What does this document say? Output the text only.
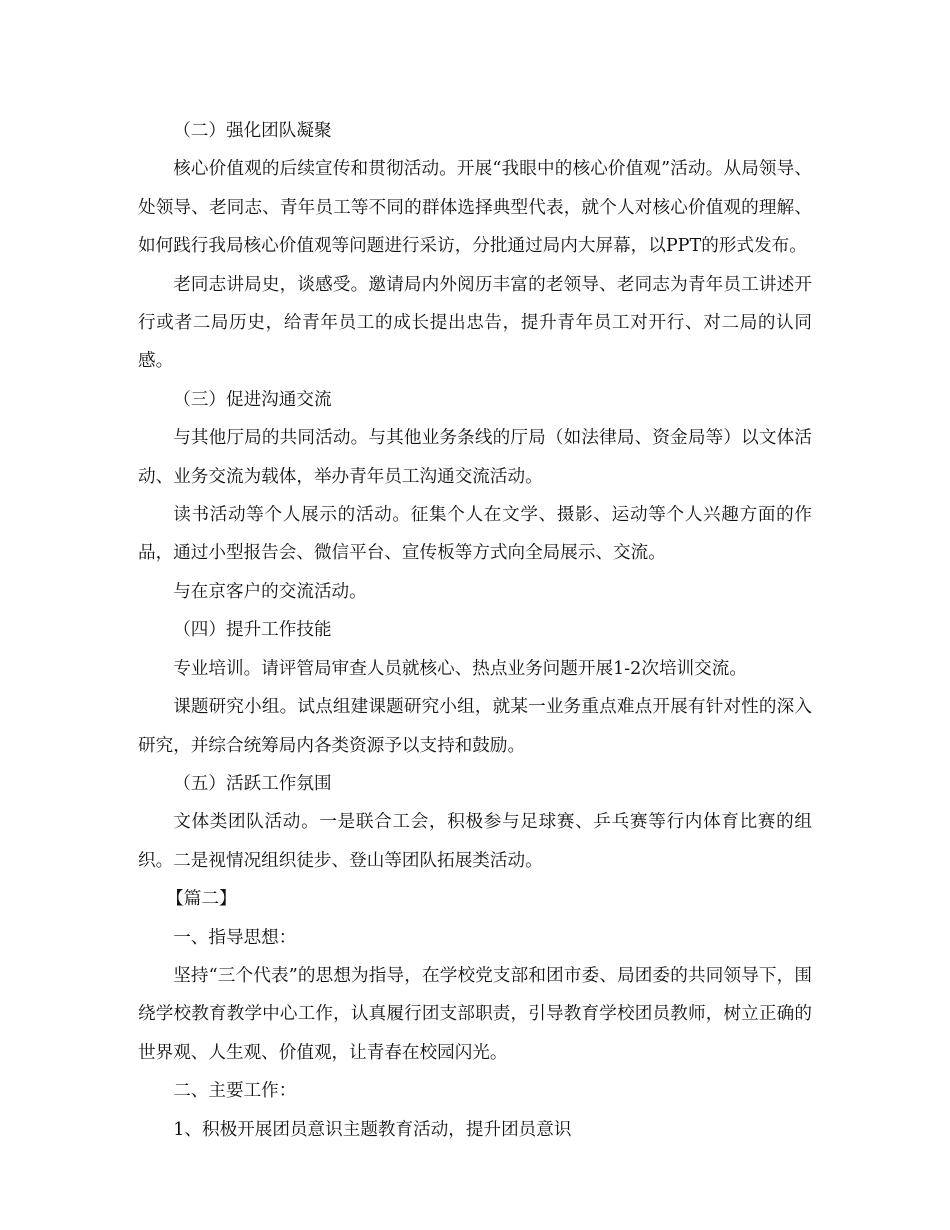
（二）强化团队凝聚

核心价值观的后续宣传和贯彻活动。开展“我眼中的核心价值观”活动。从局领导、处领导、老同志、青年员工等不同的群体选择典型代表，就个人对核心价值观的理解、如何践行我局核心价值观等问题进行采访，分批通过局内大屏幕，以PPT的形式发布。

老同志讲局史，谈感受。邀请局内外阅历丰富的老领导、老同志为青年员工讲述开行或者二局历史，给青年员工的成长提出忠告，提升青年员工对开行、对二局的认同感。

（三）促进沟通交流

与其他厅局的共同活动。与其他业务条线的厅局（如法律局、资金局等）以文体活动、业务交流为载体，举办青年员工沟通交流活动。

读书活动等个人展示的活动。征集个人在文学、摄影、运动等个人兴趣方面的作品，通过小型报告会、微信平台、宣传板等方式向全局展示、交流。

与在京客户的交流活动。

（四）提升工作技能

专业培训。请评管局审查人员就核心、热点业务问题开展1-2次培训交流。

课题研究小组。试点组建课题研究小组，就某一业务重点难点开展有针对性的深入研究，并综合统筹局内各类资源予以支持和鼓励。

（五）活跃工作氛围

文体类团队活动。一是联合工会，积极参与足球赛、乒乓赛等行内体育比赛的组织。二是视情况组织徒步、登山等团队拓展类活动。

【篇二】

一、指导思想：

坚持“三个代表”的思想为指导，在学校党支部和团市委、局团委的共同领导下，围绕学校教育教学中心工作，认真履行团支部职责，引导教育学校团员教师，树立正确的世界观、人生观、价值观，让青春在校园闪光。

二、主要工作：

1、积极开展团员意识主题教育活动，提升团员意识
